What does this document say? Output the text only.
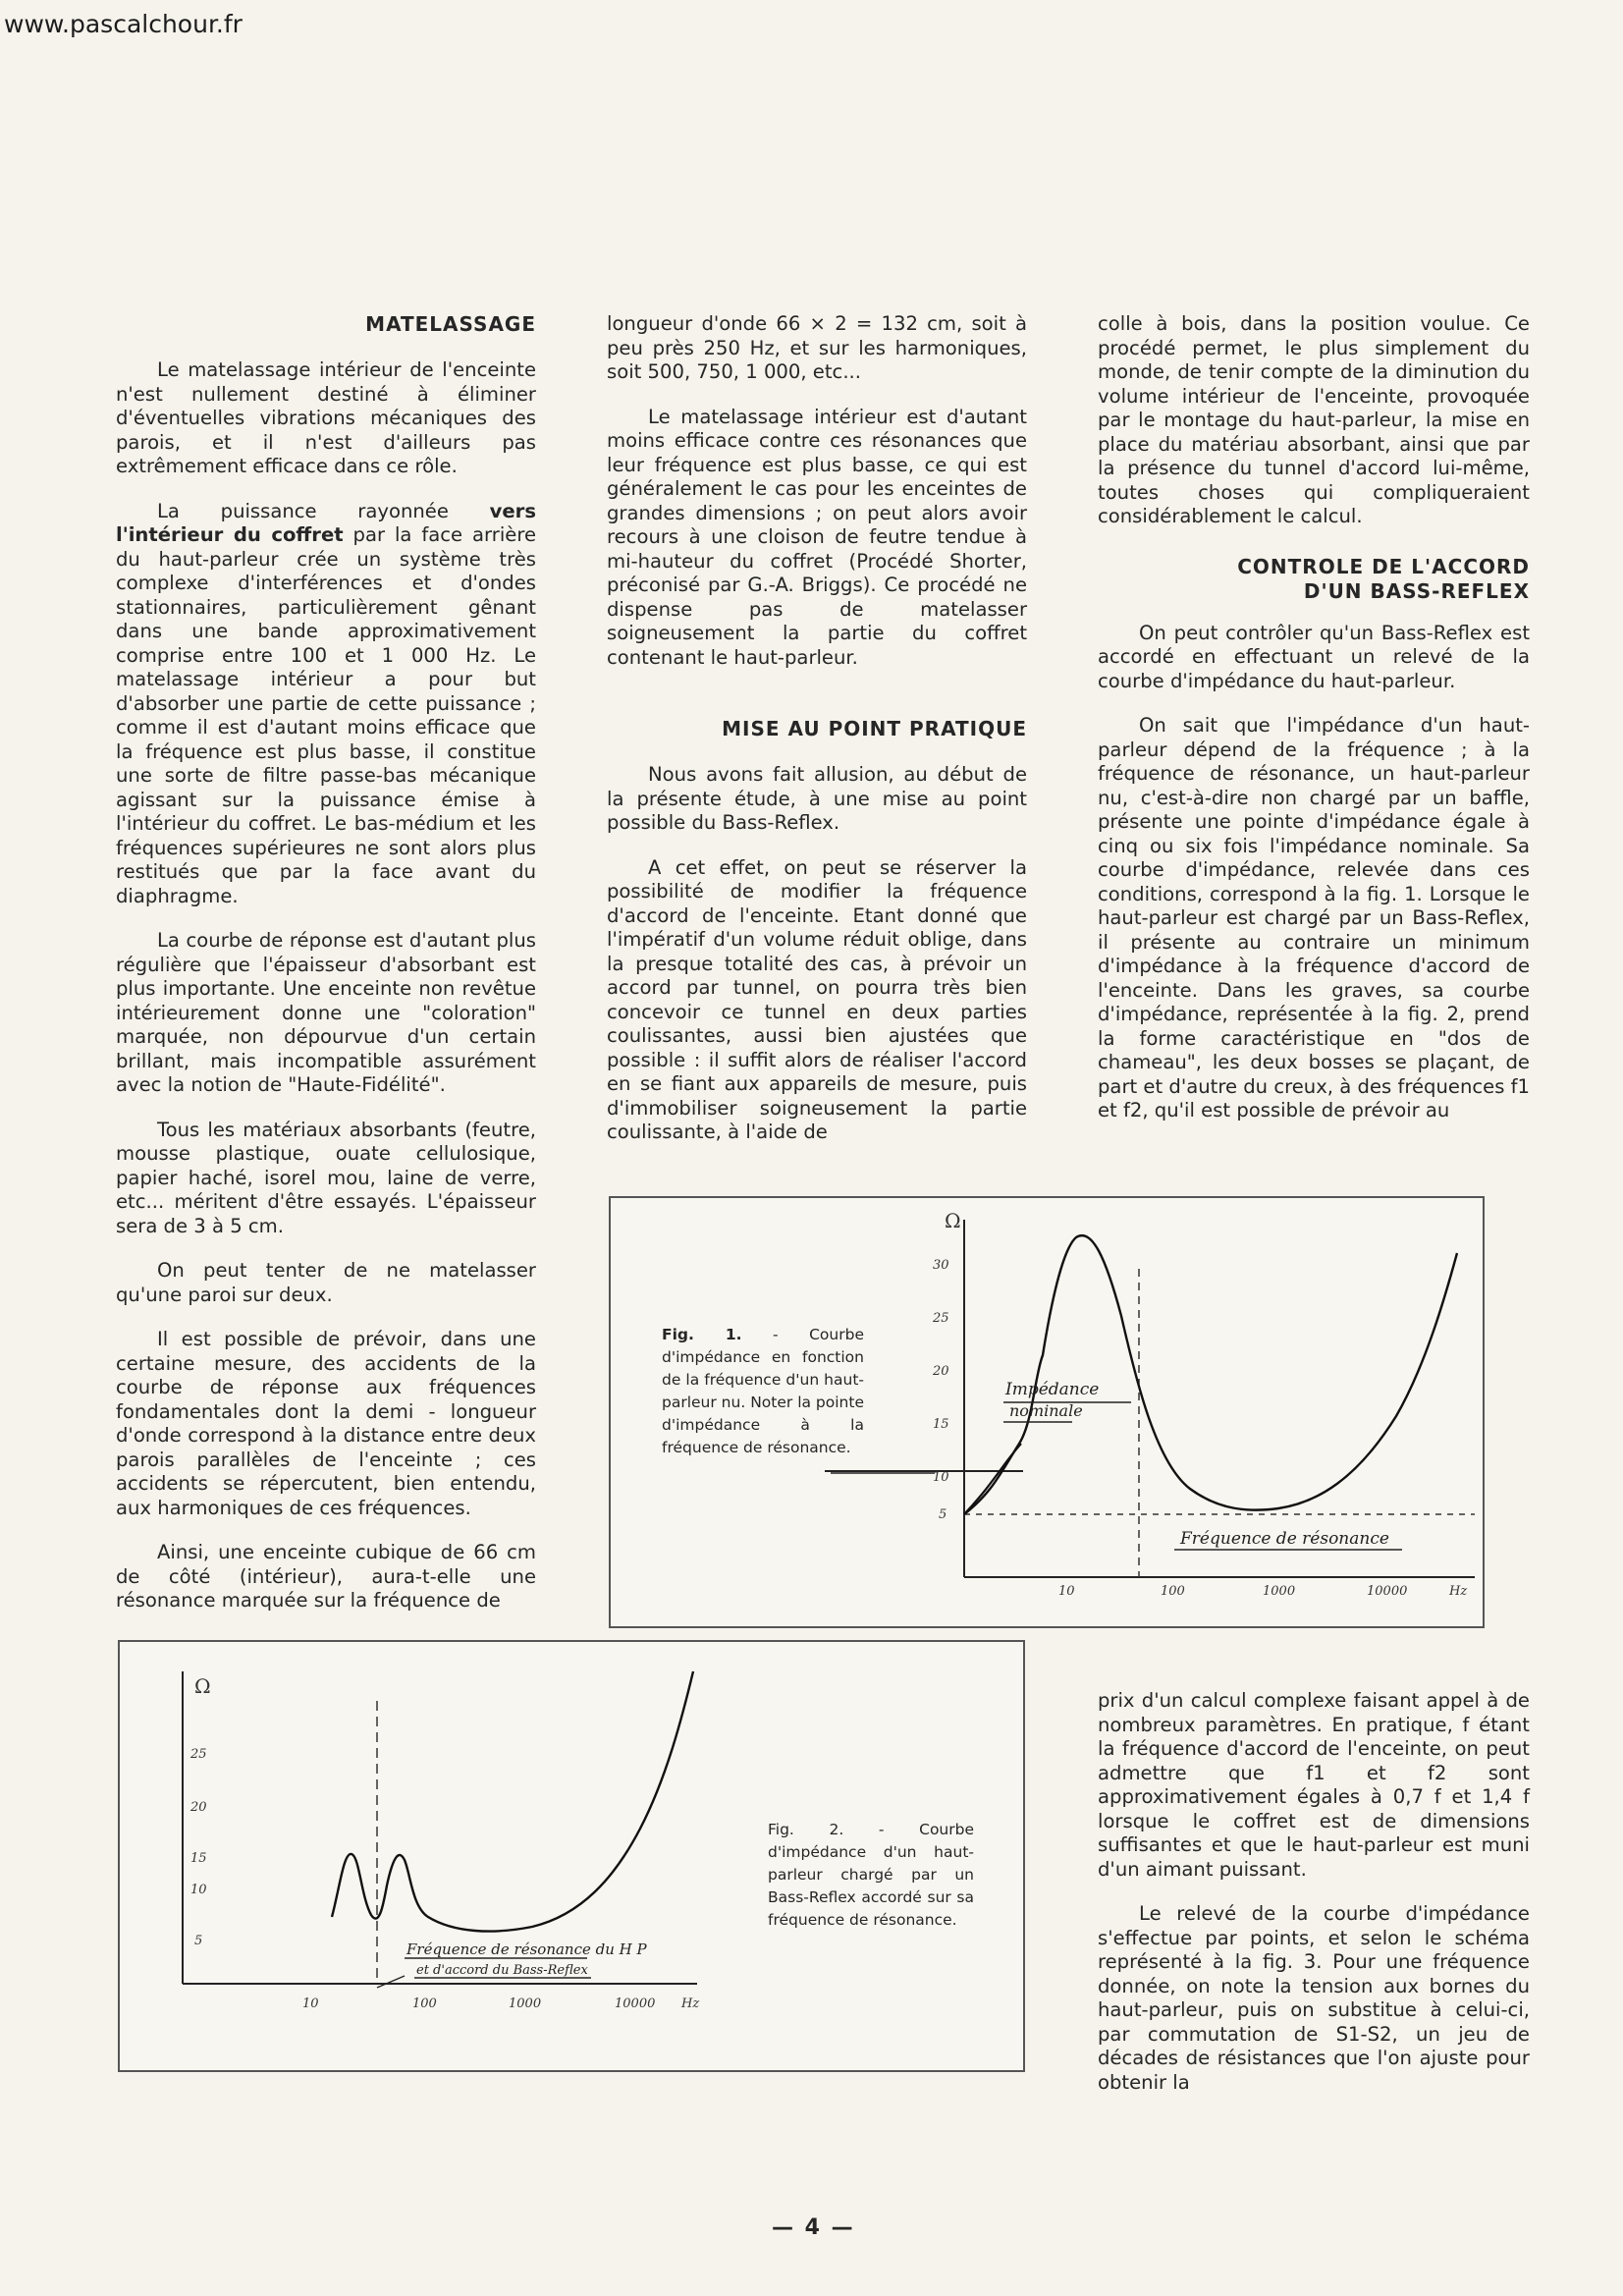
www.pascalchour.fr
MATELASSAGE

Le matelassage intérieur de l'enceinte n'est nullement destiné à éliminer d'éventuelles vibrations mécaniques des parois, et il n'est d'ailleurs pas extrêmement efficace dans ce rôle.

La puissance rayonnée vers l'intérieur du coffret par la face arrière du haut-parleur crée un système très complexe d'interférences et d'ondes stationnaires, particulièrement gênant dans une bande approximativement comprise entre 100 et 1 000 Hz. Le matelassage intérieur a pour but d'absorber une partie de cette puissance ; comme il est d'autant moins efficace que la fréquence est plus basse, il constitue une sorte de filtre passe-bas mécanique agissant sur la puissance émise à l'intérieur du coffret. Le bas-médium et les fréquences supérieures ne sont alors plus restitués que par la face avant du diaphragme.

La courbe de réponse est d'autant plus régulière que l'épaisseur d'absorbant est plus importante. Une enceinte non revêtue intérieurement donne une "coloration" marquée, non dépourvue d'un certain brillant, mais incompatible assurément avec la notion de "Haute-Fidélité".

Tous les matériaux absorbants (feutre, mousse plastique, ouate cellulosique, papier haché, isorel mou, laine de verre, etc... méritent d'être essayés. L'épaisseur sera de 3 à 5 cm.

On peut tenter de ne matelasser qu'une paroi sur deux.

Il est possible de prévoir, dans une certaine mesure, des accidents de la courbe de réponse aux fréquences fondamentales dont la demi - longueur d'onde correspond à la distance entre deux parois parallèles de l'enceinte ; ces accidents se répercutent, bien entendu, aux harmoniques de ces fréquences.

Ainsi, une enceinte cubique de 66 cm de côté (intérieur), aura-t-elle une résonance marquée sur la fréquence de

longueur d'onde 66 × 2 = 132 cm, soit à peu près 250 Hz, et sur les harmoniques, soit 500, 750, 1 000, etc...

Le matelassage intérieur est d'autant moins efficace contre ces résonances que leur fréquence est plus basse, ce qui est généralement le cas pour les enceintes de grandes dimensions ; on peut alors avoir recours à une cloison de feutre tendue à mi-hauteur du coffret (Procédé Shorter, préconisé par G.-A. Briggs). Ce procédé ne dispense pas de matelasser soigneusement la partie du coffret contenant le haut-parleur.

MISE AU POINT PRATIQUE

Nous avons fait allusion, au début de la présente étude, à une mise au point possible du Bass-Reflex.

A cet effet, on peut se réserver la possibilité de modifier la fréquence d'accord de l'enceinte. Etant donné que l'impératif d'un volume réduit oblige, dans la presque totalité des cas, à prévoir un accord par tunnel, on pourra très bien concevoir ce tunnel en deux parties coulissantes, aussi bien ajustées que possible : il suffit alors de réaliser l'accord en se fiant aux appareils de mesure, puis d'immobiliser soigneusement la partie coulissante, à l'aide de

colle à bois, dans la position voulue. Ce procédé permet, le plus simplement du monde, de tenir compte de la diminution du volume intérieur de l'enceinte, provoquée par le montage du haut-parleur, la mise en place du matériau absorbant, ainsi que par la présence du tunnel d'accord lui-même, toutes choses qui compliqueraient considérablement le calcul.

CONTROLE DE L'ACCORD
D'UN BASS-REFLEX

On peut contrôler qu'un Bass-Reflex est accordé en effectuant un relevé de la courbe d'impédance du haut-parleur.

On sait que l'impédance d'un haut-parleur dépend de la fréquence ; à la fréquence de résonance, un haut-parleur nu, c'est-à-dire non chargé par un baffle, présente une pointe d'impédance égale à cinq ou six fois l'impédance nominale. Sa courbe d'impédance, relevée dans ces conditions, correspond à la fig. 1. Lorsque le haut-parleur est chargé par un Bass-Reflex, il présente au contraire un minimum d'impédance à la fréquence d'accord de l'enceinte. Dans les graves, sa courbe d'impédance, représentée à la fig. 2, prend la forme caractéristique en "dos de chameau", les deux bosses se plaçant, de part et d'autre du creux, à des fréquences f1 et f2, qu'il est possible de prévoir au

prix d'un calcul complexe faisant appel à de nombreux paramètres. En pratique, f étant la fréquence d'accord de l'enceinte, on peut admettre que f1 et f2 sont approximativement égales à 0,7 f et 1,4 f lorsque le coffret est de dimensions suffisantes et que le haut-parleur est muni d'un aimant puissant.

Le relevé de la courbe d'impédance s'effectue par points, et selon le schéma représenté à la fig. 3. Pour une fréquence donnée, on note la tension aux bornes du haut-parleur, puis on substitue à celui-ci, par commutation de S1-S2, un jeu de décades de résistances que l'on ajuste pour obtenir la

Fig. 1. - Courbe d'impédance en fonction de la fréquence d'un haut-parleur nu. Noter la pointe d'impédance à la fréquence de résonance.
Ω
30
25
20
15
10
5
10	100	1000	10000	Hz
Impédance
nominale
Fréquence de résonance
Fig. 2. - Courbe d'impédance d'un haut-parleur chargé par un Bass-Reflex accordé sur sa fréquence de résonance.
Ω
25
20
15
10
5
10	100	1000	10000 Hz
Fréquence de résonance du H P
et d'accord du Bass-Reflex
— 4 —
